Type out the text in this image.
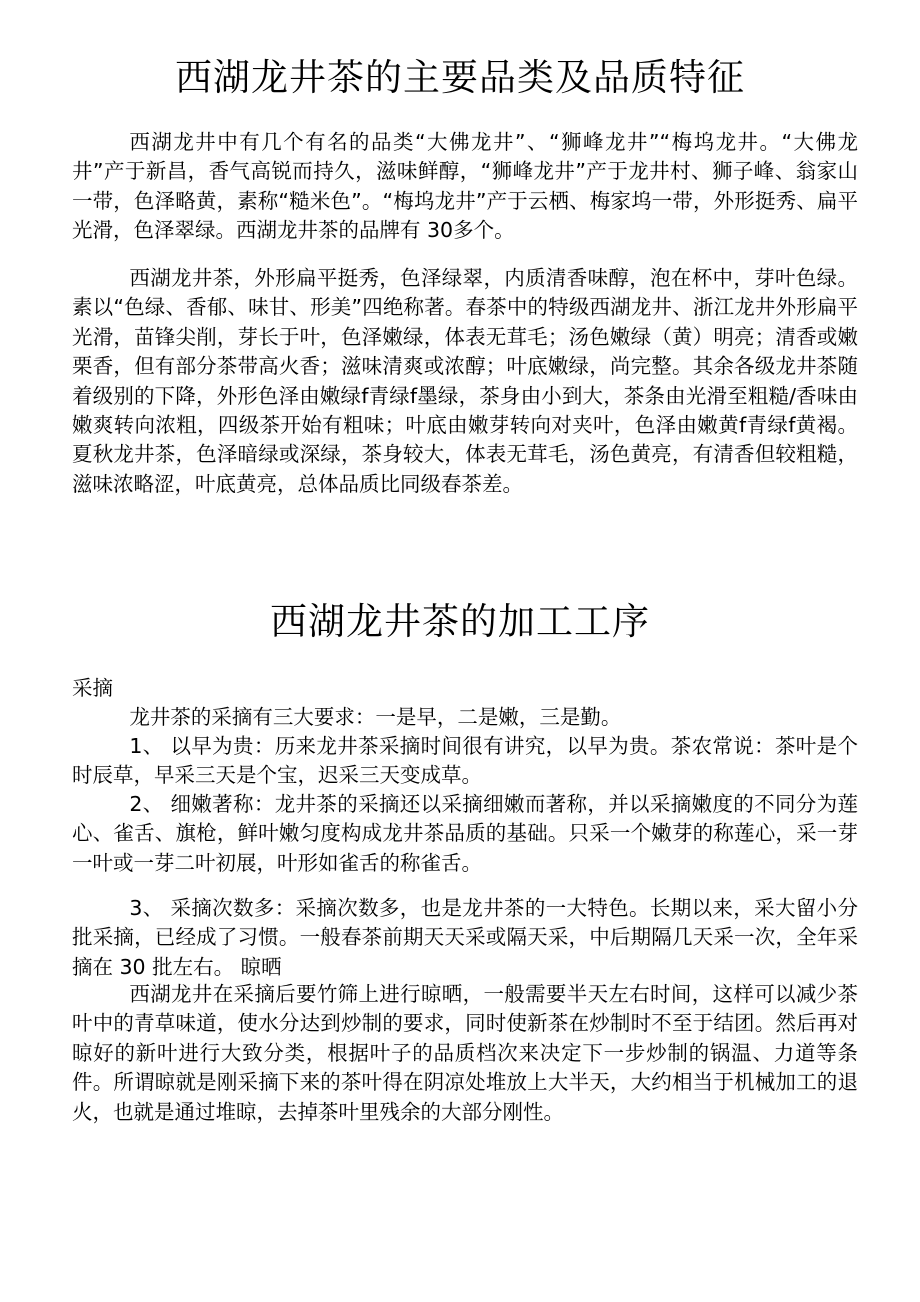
西湖龙井茶的主要品类及品质特征

西湖龙井中有几个有名的品类“大佛龙井”、“狮峰龙井”“梅坞龙井。“大佛龙井”产于新昌，香气高锐而持久，滋味鲜醇，“狮峰龙井”产于龙井村、狮子峰、翁家山一带，色泽略黄，素称“糙米色”。“梅坞龙井”产于云栖、梅家坞一带，外形挺秀、扁平光滑，色泽翠绿。西湖龙井茶的品牌有 30多个。

西湖龙井茶，外形扁平挺秀，色泽绿翠，内质清香味醇，泡在杯中，芽叶色绿。素以“色绿、香郁、味甘、形美”四绝称著。春茶中的特级西湖龙井、浙江龙井外形扁平光滑，苗锋尖削，芽长于叶，色泽嫩绿，体表无茸毛；汤色嫩绿（黄）明亮；清香或嫩栗香，但有部分茶带高火香；滋味清爽或浓醇；叶底嫩绿，尚完整。其余各级龙井茶随着级别的下降，外形色泽由嫩绿f青绿f墨绿，茶身由小到大，茶条由光滑至粗糙/香味由嫩爽转向浓粗，四级茶开始有粗味；叶底由嫩芽转向对夹叶，色泽由嫩黄f青绿f黄褐。夏秋龙井茶，色泽暗绿或深绿，茶身较大，体表无茸毛，汤色黄亮，有清香但较粗糙，滋味浓略涩，叶底黄亮，总体品质比同级春茶差。

西湖龙井茶的加工工序

采摘

龙井茶的采摘有三大要求：一是早，二是嫩，三是勤。

1、 以早为贵：历来龙井茶采摘时间很有讲究，以早为贵。茶农常说：茶叶是个时辰草，早采三天是个宝，迟采三天变成草。

2、 细嫩著称：龙井茶的采摘还以采摘细嫩而著称，并以采摘嫩度的不同分为莲心、雀舌、旗枪，鲜叶嫩匀度构成龙井茶品质的基础。只采一个嫩芽的称莲心，采一芽一叶或一芽二叶初展，叶形如雀舌的称雀舌。

3、 采摘次数多：采摘次数多，也是龙井茶的一大特色。长期以来，采大留小分批采摘，已经成了习惯。一般春茶前期天天采或隔天采，中后期隔几天采一次，全年采摘在 30 批左右。 晾晒

西湖龙井在采摘后要竹筛上进行晾晒，一般需要半天左右时间，这样可以减少茶叶中的青草味道，使水分达到炒制的要求，同时使新茶在炒制时不至于结团。然后再对晾好的新叶进行大致分类，根据叶子的品质档次来决定下一步炒制的锅温、力道等条件。所谓晾就是刚采摘下来的茶叶得在阴凉处堆放上大半天，大约相当于机械加工的退火，也就是通过堆晾，去掉茶叶里残余的大部分刚性。
